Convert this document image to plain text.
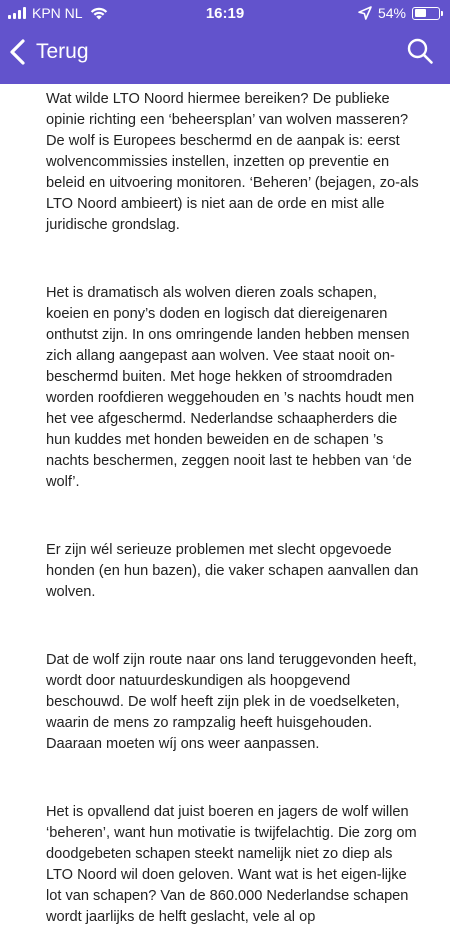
KPN NL	16:19	54%
Terug

Wat wilde LTO Noord hiermee bereiken? De publieke opinie richting een ‘beheersplan’ van wolven masseren? De wolf is Europees beschermd en de aanpak is: eerst wolvencommissies instellen, inzetten op preventie en beleid en uitvoering monitoren. ‘Beheren’ (bejagen, zo-als LTO Noord ambieert) is niet aan de orde en mist alle juridische grondslag.

Het is dramatisch als wolven dieren zoals schapen, koeien en pony’s doden en logisch dat diereigenaren onthutst zijn. In ons omringende landen hebben mensen zich allang aangepast aan wolven. Vee staat nooit on-beschermd buiten. Met hoge hekken of stroomdraden worden roofdieren weggehouden en ’s nachts houdt men het vee afgeschermd. Nederlandse schaapherders die hun kuddes met honden beweiden en de schapen ’s nachts beschermen, zeggen nooit last te hebben van ‘de wolf’.

Er zijn wél serieuze problemen met slecht opgevoede honden (en hun bazen), die vaker schapen aanvallen dan wolven.

Dat de wolf zijn route naar ons land teruggevonden heeft, wordt door natuurdeskundigen als hoopgevend beschouwd. De wolf heeft zijn plek in de voedselketen, waarin de mens zo rampzalig heeft huisgehouden. Daaraan moeten wíj ons weer aanpassen.

Het is opvallend dat juist boeren en jagers de wolf willen ‘beheren’, want hun motivatie is twijfelachtig. Die zorg om doodgebeten schapen steekt namelijk niet zo diep als LTO Noord wil doen geloven. Want wat is het eigen-lijke lot van schapen? Van de 860.000 Nederlandse schapen wordt jaarlijks de helft geslacht, vele al op
